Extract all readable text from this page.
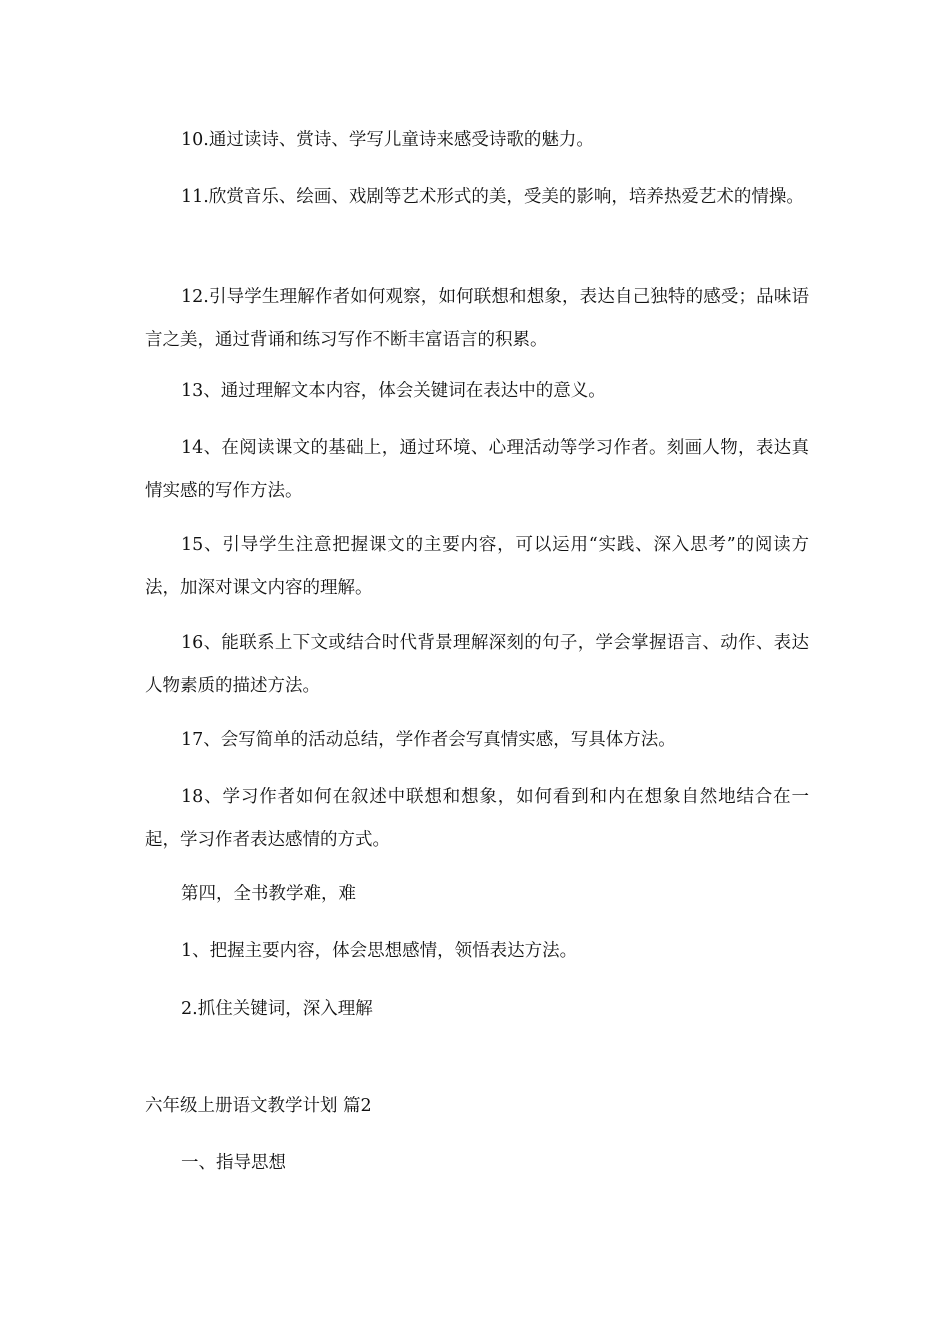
10.通过读诗、赏诗、学写儿童诗来感受诗歌的魅力。

11.欣赏音乐、绘画、戏剧等艺术形式的美，受美的影响，培养热爱艺术的情操。

12.引导学生理解作者如何观察，如何联想和想象，表达自己独特的感受；品味语言之美，通过背诵和练习写作不断丰富语言的积累。

13、通过理解文本内容，体会关键词在表达中的意义。

14、在阅读课文的基础上，通过环境、心理活动等学习作者。刻画人物，表达真情实感的写作方法。

15、引导学生注意把握课文的主要内容，可以运用“实践、深入思考”的阅读方法，加深对课文内容的理解。

16、能联系上下文或结合时代背景理解深刻的句子，学会掌握语言、动作、表达人物素质的描述方法。

17、会写简单的活动总结，学作者会写真情实感，写具体方法。

18、学习作者如何在叙述中联想和想象，如何看到和内在想象自然地结合在一起，学习作者表达感情的方式。

第四，全书教学难，难

1、把握主要内容，体会思想感情，领悟表达方法。

2.抓住关键词，深入理解

六年级上册语文教学计划 篇2

一、指导思想
